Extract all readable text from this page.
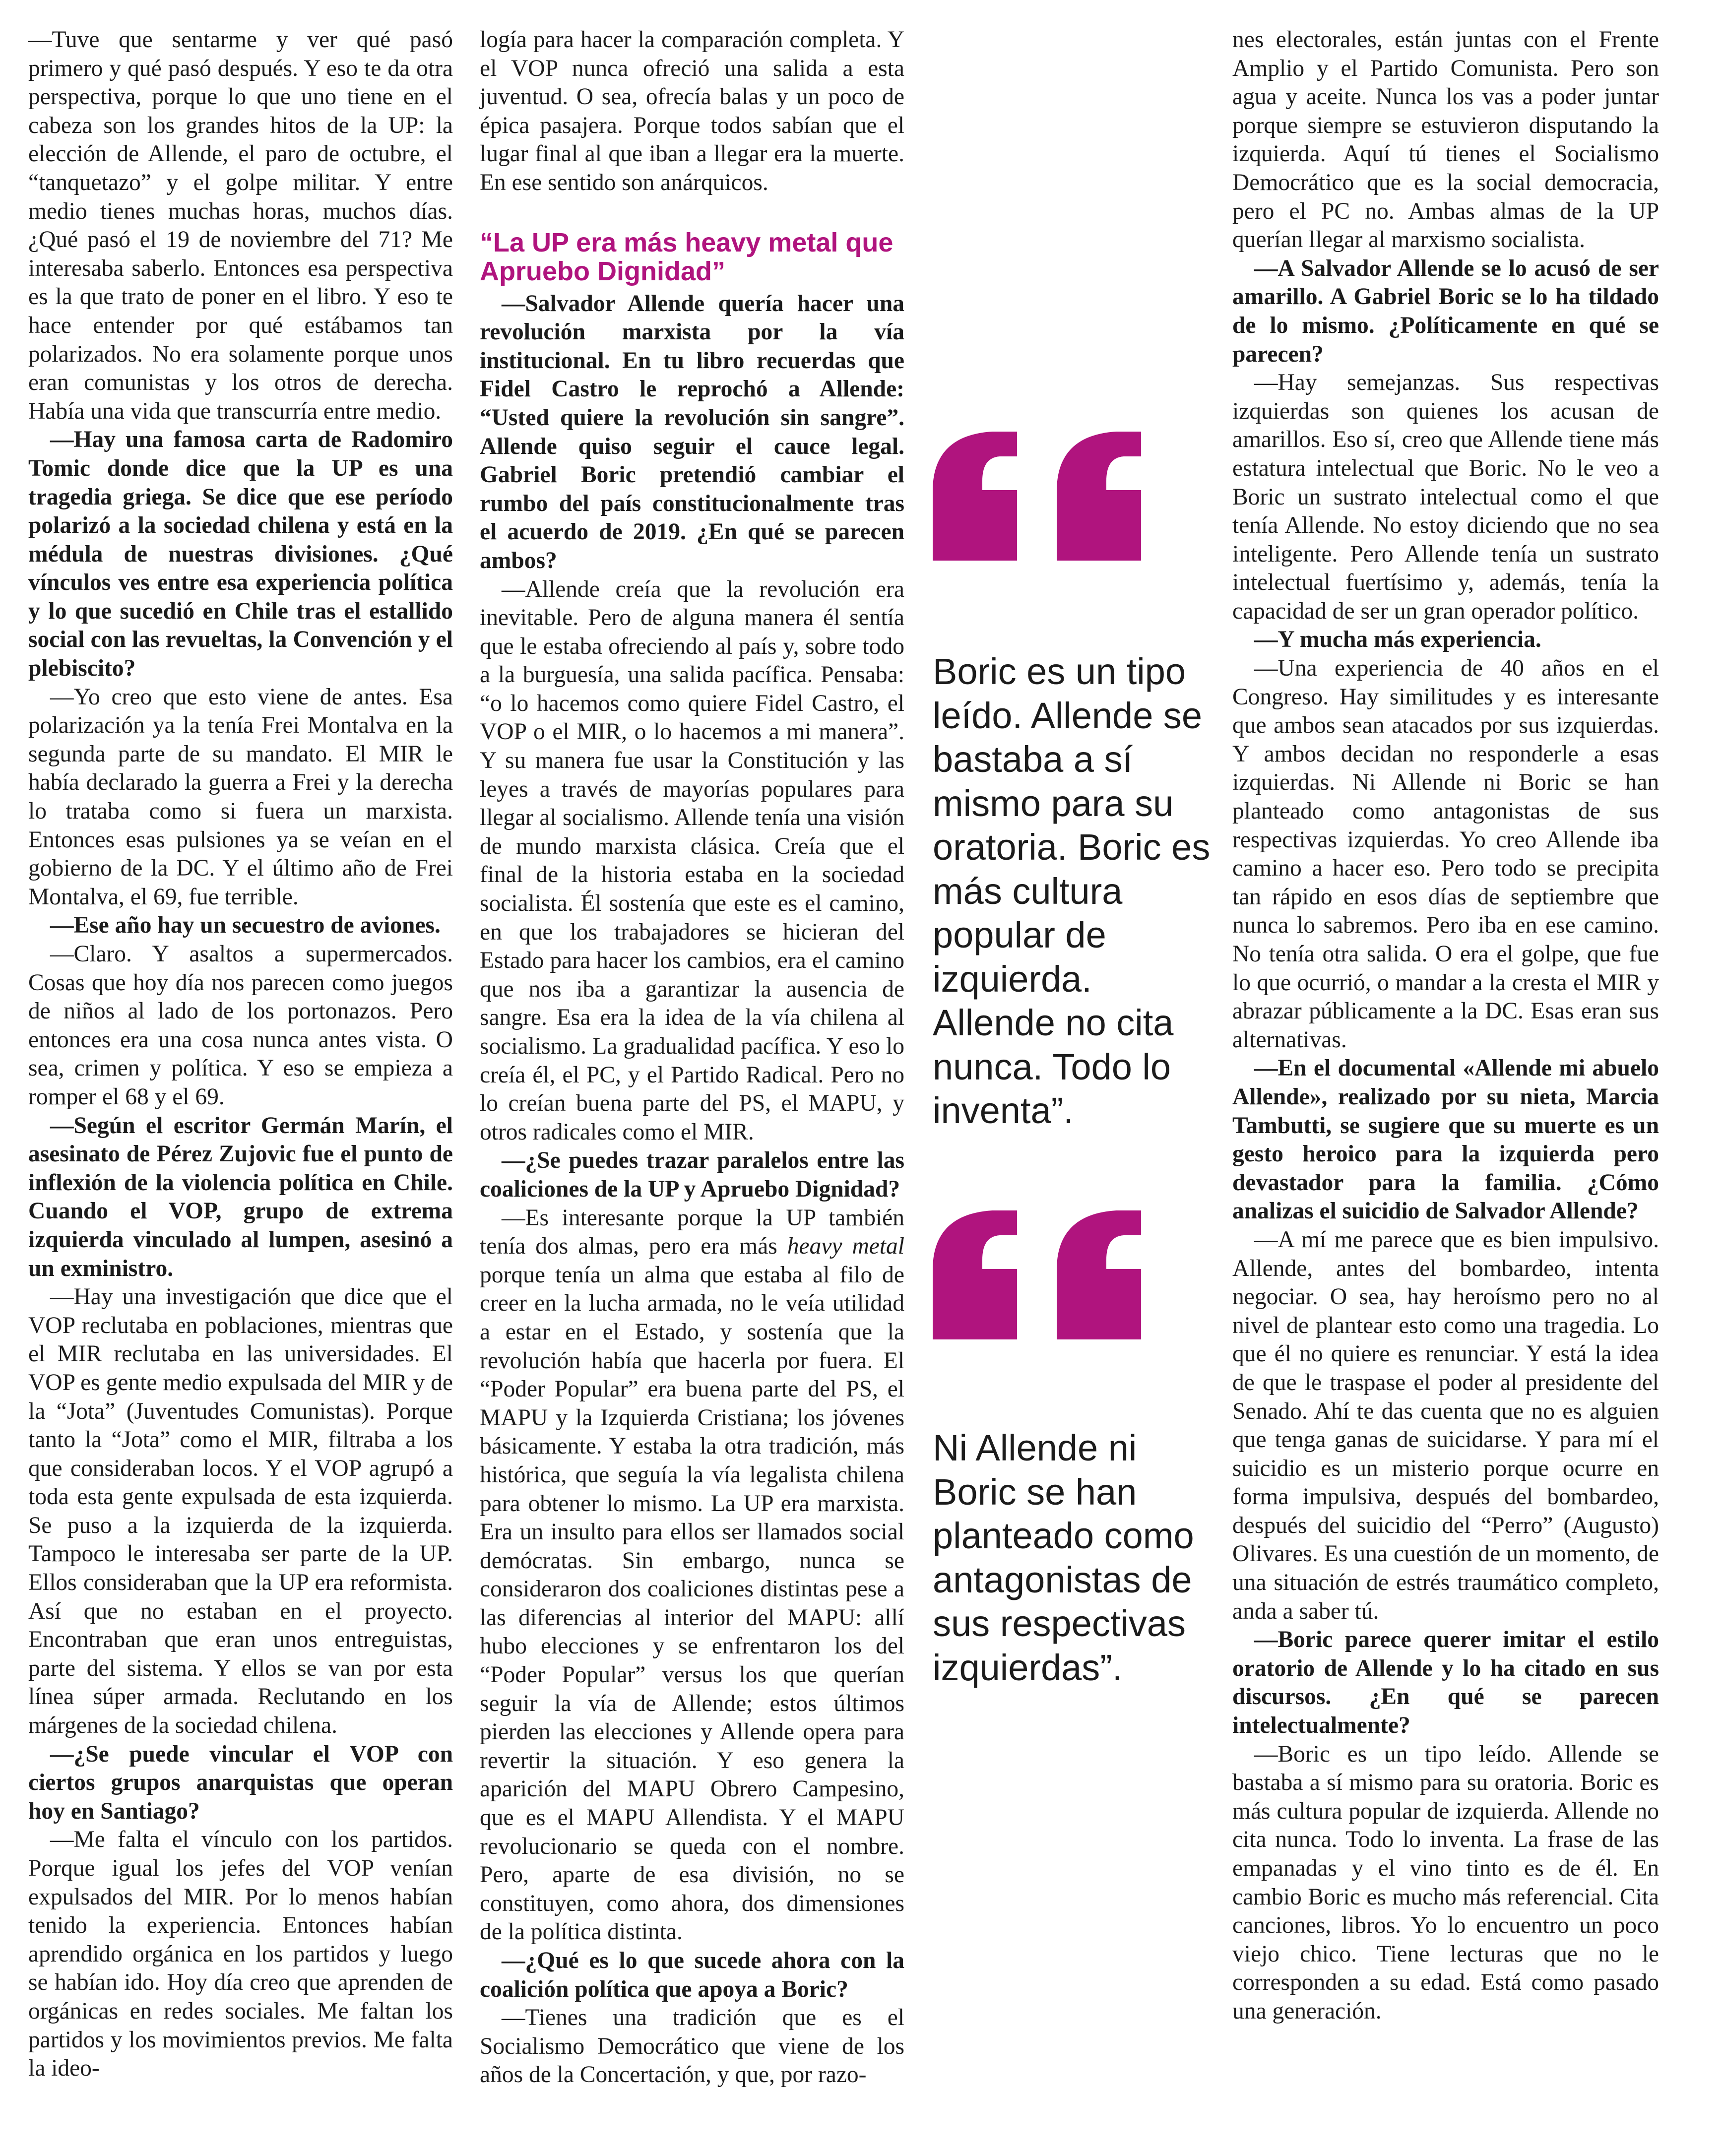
—Tuve que sentarme y ver qué pasó primero y qué pasó después. Y eso te da otra perspectiva, porque lo que uno tiene en el cabeza son los grandes hitos de la UP: la elección de Allende, el paro de octubre, el “tanquetazo” y el golpe militar. Y entre medio tienes muchas horas, muchos días. ¿Qué pasó el 19 de noviembre del 71? Me interesaba saberlo. Entonces esa perspectiva es la que trato de poner en el libro. Y eso te hace entender por qué estábamos tan polarizados. No era solamente porque unos eran comunistas y los otros de derecha. Había una vida que transcurría entre medio.

—Hay una famosa carta de Radomiro Tomic donde dice que la UP es una tragedia griega. Se dice que ese período polarizó a la sociedad chilena y está en la médula de nuestras divisiones. ¿Qué vínculos ves entre esa experiencia política y lo que sucedió en Chile tras el estallido social con las revueltas, la Convención y el plebiscito?

—Yo creo que esto viene de antes. Esa polarización ya la tenía Frei Montalva en la segunda parte de su mandato. El MIR le había declarado la guerra a Frei y la derecha lo trataba como si fuera un marxista. Entonces esas pulsiones ya se veían en el gobierno de la DC. Y el último año de Frei Montalva, el 69, fue terrible.

—Ese año hay un secuestro de aviones.

—Claro. Y asaltos a supermercados. Cosas que hoy día nos parecen como juegos de niños al lado de los portonazos. Pero entonces era una cosa nunca antes vista. O sea, crimen y política. Y eso se empieza a romper el 68 y el 69.

—Según el escritor Germán Marín, el asesinato de Pérez Zujovic fue el punto de inflexión de la violencia política en Chile. Cuando el VOP, grupo de extrema izquierda vinculado al lumpen, asesinó a un exministro.

—Hay una investigación que dice que el VOP reclutaba en poblaciones, mientras que el MIR reclutaba en las universidades. El VOP es gente medio expulsada del MIR y de la “Jota” (Juventudes Comunistas). Porque tanto la “Jota” como el MIR, filtraba a los que consideraban locos. Y el VOP agrupó a toda esta gente expulsada de esta izquierda. Se puso a la izquierda de la izquierda. Tampoco le interesaba ser parte de la UP. Ellos consideraban que la UP era reformista. Así que no estaban en el proyecto. Encontraban que eran unos entreguistas, parte del sistema. Y ellos se van por esta línea súper armada. Reclutando en los márgenes de la sociedad chilena.

—¿Se puede vincular el VOP con ciertos grupos anarquistas que operan hoy en Santiago?

—Me falta el vínculo con los partidos. Porque igual los jefes del VOP venían expulsados del MIR. Por lo menos habían tenido la experiencia. Entonces habían aprendido orgánica en los partidos y luego se habían ido. Hoy día creo que aprenden de orgánicas en redes sociales. Me faltan los partidos y los movimientos previos. Me falta la ideo-

logía para hacer la comparación completa. Y el VOP nunca ofreció una salida a esta juventud. O sea, ofrecía balas y un poco de épica pasajera. Porque todos sabían que el lugar final al que iban a llegar era la muerte. En ese sentido son anárquicos.

“La UP era más heavy metal que Apruebo Dignidad”

—Salvador Allende quería hacer una revolución marxista por la vía institucional. En tu libro recuerdas que Fidel Castro le reprochó a Allende: “Usted quiere la revolución sin sangre”. Allende quiso seguir el cauce legal. Gabriel Boric pretendió cambiar el rumbo del país constitucionalmente tras el acuerdo de 2019. ¿En qué se parecen ambos?

—Allende creía que la revolución era inevitable. Pero de alguna manera él sentía que le estaba ofreciendo al país y, sobre todo a la burguesía, una salida pacífica. Pensaba: “o lo hacemos como quiere Fidel Castro, el VOP o el MIR, o lo hacemos a mi manera”. Y su manera fue usar la Constitución y las leyes a través de mayorías populares para llegar al socialismo. Allende tenía una visión de mundo marxista clásica. Creía que el final de la historia estaba en la sociedad socialista. Él sostenía que este es el camino, en que los trabajadores se hicieran del Estado para hacer los cambios, era el camino que nos iba a garantizar la ausencia de sangre. Esa era la idea de la vía chilena al socialismo. La gradualidad pacífica. Y eso lo creía él, el PC, y el Partido Radical. Pero no lo creían buena parte del PS, el MAPU, y otros radicales como el MIR.

—¿Se puedes trazar paralelos entre las coaliciones de la UP y Apruebo Dignidad?

—Es interesante porque la UP también tenía dos almas, pero era más heavy metal porque tenía un alma que estaba al filo de creer en la lucha armada, no le veía utilidad a estar en el Estado, y sostenía que la revolución había que hacerla por fuera. El “Poder Popular” era buena parte del PS, el MAPU y la Izquierda Cristiana; los jóvenes básicamente. Y estaba la otra tradición, más histórica, que seguía la vía legalista chilena para obtener lo mismo. La UP era marxista. Era un insulto para ellos ser llamados social demócratas. Sin embargo, nunca se consideraron dos coaliciones distintas pese a las diferencias al interior del MAPU: allí hubo elecciones y se enfrentaron los del “Poder Popular” versus los que querían seguir la vía de Allende; estos últimos pierden las elecciones y Allende opera para revertir la situación. Y eso genera la aparición del MAPU Obrero Campesino, que es el MAPU Allendista. Y el MAPU revolucionario se queda con el nombre. Pero, aparte de esa división, no se constituyen, como ahora, dos dimensiones de la política distinta.

—¿Qué es lo que sucede ahora con la coalición política que apoya a Boric?

—Tienes una tradición que es el Socialismo Democrático que viene de los años de la Concertación, y que, por razo-

Boric es un tipo leído. Allende se bastaba a sí mismo para su oratoria. Boric es más cultura popular de izquierda. Allende no cita nunca. Todo lo inventa”.

Ni Allende ni Boric se han planteado como antagonistas de sus respectivas izquierdas”.

nes electorales, están juntas con el Frente Amplio y el Partido Comunista. Pero son agua y aceite. Nunca los vas a poder juntar porque siempre se estuvieron disputando la izquierda. Aquí tú tienes el Socialismo Democrático que es la social democracia, pero el PC no. Ambas almas de la UP querían llegar al marxismo socialista.

—A Salvador Allende se lo acusó de ser amarillo. A Gabriel Boric se lo ha tildado de lo mismo. ¿Políticamente en qué se parecen?

—Hay semejanzas. Sus respectivas izquierdas son quienes los acusan de amarillos. Eso sí, creo que Allende tiene más estatura intelectual que Boric. No le veo a Boric un sustrato intelectual como el que tenía Allende. No estoy diciendo que no sea inteligente. Pero Allende tenía un sustrato intelectual fuertísimo y, además, tenía la capacidad de ser un gran operador político.

—Y mucha más experiencia.

—Una experiencia de 40 años en el Congreso. Hay similitudes y es interesante que ambos sean atacados por sus izquierdas. Y ambos decidan no responderle a esas izquierdas. Ni Allende ni Boric se han planteado como antagonistas de sus respectivas izquierdas. Yo creo Allende iba camino a hacer eso. Pero todo se precipita tan rápido en esos días de septiembre que nunca lo sabremos. Pero iba en ese camino. No tenía otra salida. O era el golpe, que fue lo que ocurrió, o mandar a la cresta el MIR y abrazar públicamente a la DC. Esas eran sus alternativas.

—En el documental «Allende mi abuelo Allende», realizado por su nieta, Marcia Tambutti, se sugiere que su muerte es un gesto heroico para la izquierda pero devastador para la familia. ¿Cómo analizas el suicidio de Salvador Allende?

—A mí me parece que es bien impulsivo. Allende, antes del bombardeo, intenta negociar. O sea, hay heroísmo pero no al nivel de plantear esto como una tragedia. Lo que él no quiere es renunciar. Y está la idea de que le traspase el poder al presidente del Senado. Ahí te das cuenta que no es alguien que tenga ganas de suicidarse. Y para mí el suicidio es un misterio porque ocurre en forma impulsiva, después del bombardeo, después del suicidio del “Perro” (Augusto) Olivares. Es una cuestión de un momento, de una situación de estrés traumático completo, anda a saber tú.

—Boric parece querer imitar el estilo oratorio de Allende y lo ha citado en sus discursos. ¿En qué se parecen intelectualmente?

—Boric es un tipo leído. Allende se bastaba a sí mismo para su oratoria. Boric es más cultura popular de izquierda. Allende no cita nunca. Todo lo inventa. La frase de las empanadas y el vino tinto es de él. En cambio Boric es mucho más referencial. Cita canciones, libros. Yo lo encuentro un poco viejo chico. Tiene lecturas que no le corresponden a su edad. Está como pasado una generación.
